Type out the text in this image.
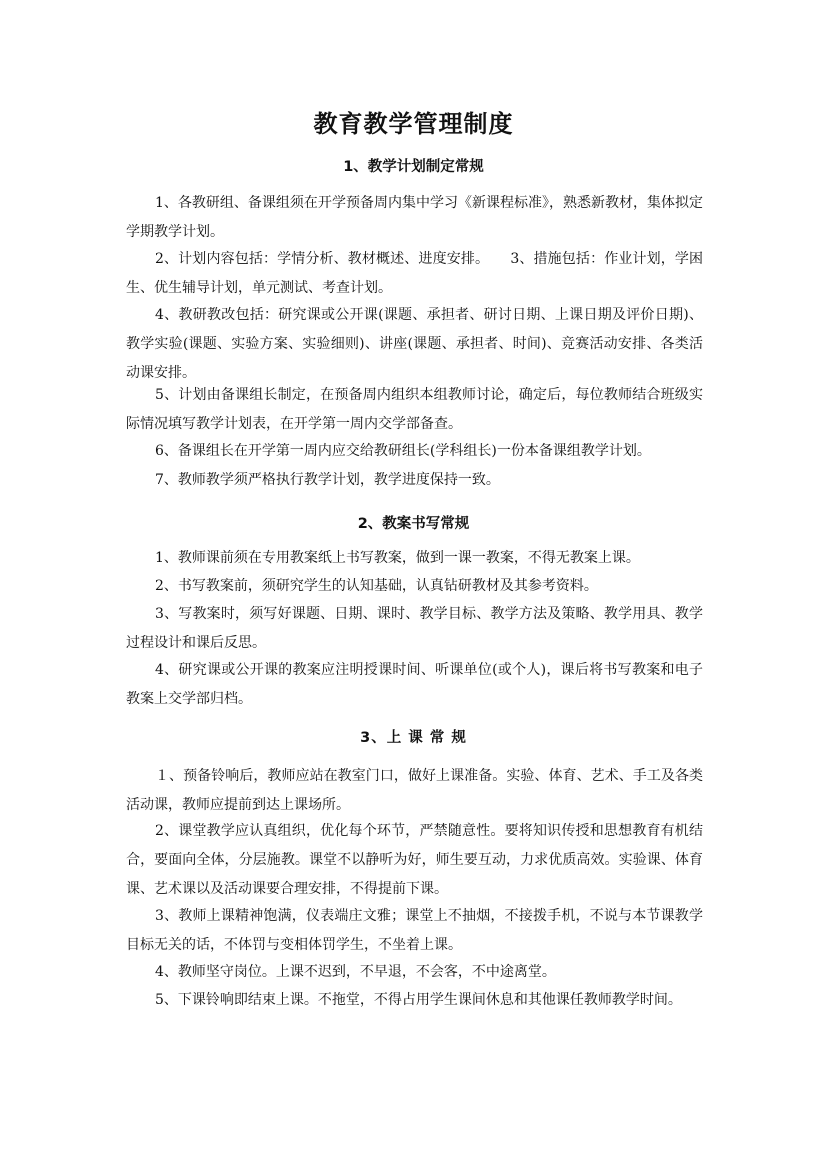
教育教学管理制度
1、教学计划制定常规

1、各教研组、备课组须在开学预备周内集中学习《新课程标准》，熟悉新教材，集体拟定学期教学计划。

2、计划内容包括：学情分析、教材概述、进度安排。　　3、措施包括：作业计划，学困生、优生辅导计划，单元测试、考查计划。

4、教研教改包括：研究课或公开课(课题、承担者、研讨日期、上课日期及评价日期)、教学实验(课题、实验方案、实验细则)、讲座(课题、承担者、时间)、竞赛活动安排、各类活动课安排。

5、计划由备课组长制定，在预备周内组织本组教师讨论，确定后，每位教师结合班级实际情况填写教学计划表，在开学第一周内交学部备查。

6、备课组长在开学第一周内应交给教研组长(学科组长)一份本备课组教学计划。

7、教师教学须严格执行教学计划，教学进度保持一致。

2、教案书写常规

1、教师课前须在专用教案纸上书写教案，做到一课一教案，不得无教案上课。

2、书写教案前，须研究学生的认知基础，认真钻研教材及其参考资料。

3、写教案时，须写好课题、日期、课时、教学目标、教学方法及策略、教学用具、教学过程设计和课后反思。

4、研究课或公开课的教案应注明授课时间、听课单位(或个人)，课后将书写教案和电子教案上交学部归档。

3、上 课 常 规

１、预备铃响后，教师应站在教室门口，做好上课准备。实验、体育、艺术、手工及各类活动课，教师应提前到达上课场所。

2、课堂教学应认真组织，优化每个环节，严禁随意性。要将知识传授和思想教育有机结合，要面向全体，分层施教。课堂不以静听为好，师生要互动，力求优质高效。实验课、体育课、艺术课以及活动课要合理安排，不得提前下课。

3、教师上课精神饱满，仪表端庄文雅；课堂上不抽烟，不接拨手机，不说与本节课教学目标无关的话，不体罚与变相体罚学生，不坐着上课。

4、教师坚守岗位。上课不迟到，不早退，不会客，不中途离堂。

5、下课铃响即结束上课。不拖堂，不得占用学生课间休息和其他课任教师教学时间。
